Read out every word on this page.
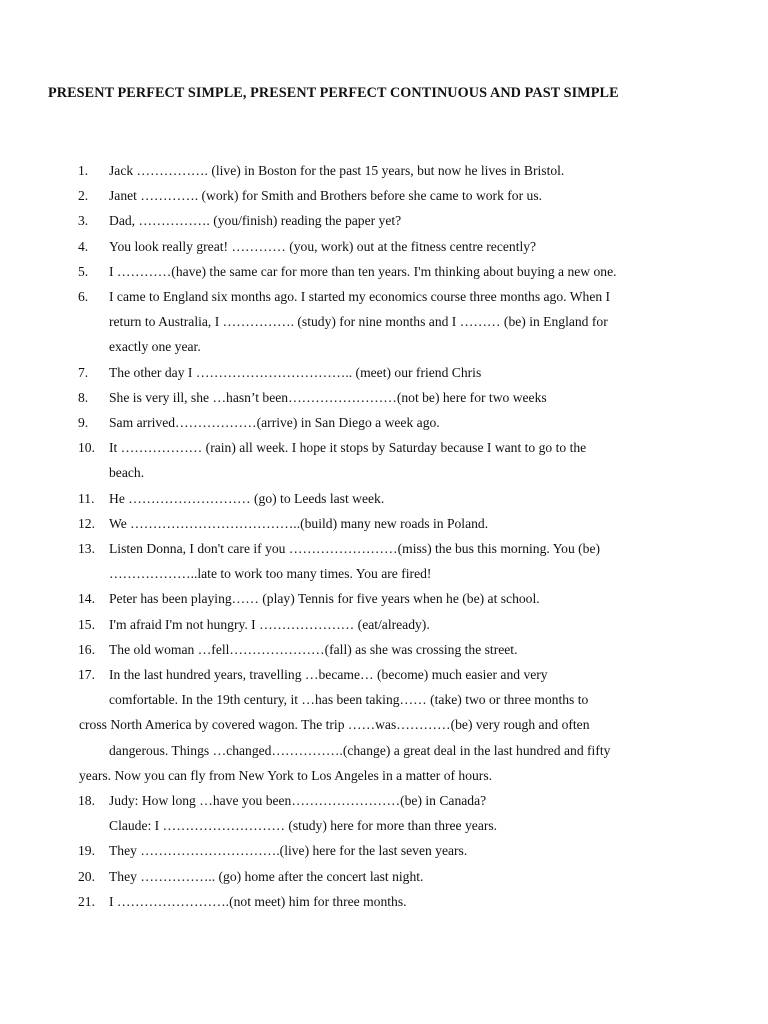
PRESENT PERFECT SIMPLE, PRESENT PERFECT CONTINUOUS AND PAST SIMPLE
1.	Jack ……………. (live) in Boston for the past 15 years, but now he lives in Bristol.
2.	Janet …………. (work) for Smith and Brothers before she came to work for us.
3.	Dad, ……………. (you/finish) reading the paper yet?
4.	You look really great! ………… (you, work) out at the fitness centre recently?
5.	I …………(have) the same car for more than ten years. I'm thinking about buying a new one.
6.	I came to England six months ago. I started my economics course three months ago. When I
return to Australia, I ……………. (study) for nine months and I ……… (be) in England for
exactly one year.
7.	The other day I …………………………….. (meet) our friend Chris
8.	She is very ill, she …hasn’t been……………………(not be) here for two weeks
9.	Sam arrived………………(arrive) in San Diego a week ago.
10.	It ……………… (rain) all week. I hope it stops by Saturday because I want to go to the
beach.
11.	He ……………………… (go) to Leeds last week.
12.	We ………………………………..(build) many new roads in Poland.
13.	Listen Donna, I don't care if you ……………………(miss) the bus this morning. You (be)
………………..late to work too many times. You are fired!
14.	Peter has been playing…… (play) Tennis for five years when he (be) at school.
15.	I'm afraid I'm not hungry. I ………………… (eat/already).
16.	The old woman …fell…………………(fall) as she was crossing the street.
17.	In the last hundred years, travelling …became… (become) much easier and very
comfortable. In the 19th century, it …has been taking…… (take) two or three months to
cross North America by covered wagon. The trip ……was…………(be) very rough and often
dangerous. Things …changed…………….(change) a great deal in the last hundred and fifty
years. Now you can fly from New York to Los Angeles in a matter of hours.
18.	Judy: How long …have you been……………………(be) in Canada?
Claude: I ……………………… (study) here for more than three years.
19.	They ………………………….(live) here for the last seven years.
20.	They …………….. (go) home after the concert last night.
21.	I …………………….(not meet) him for three months.
